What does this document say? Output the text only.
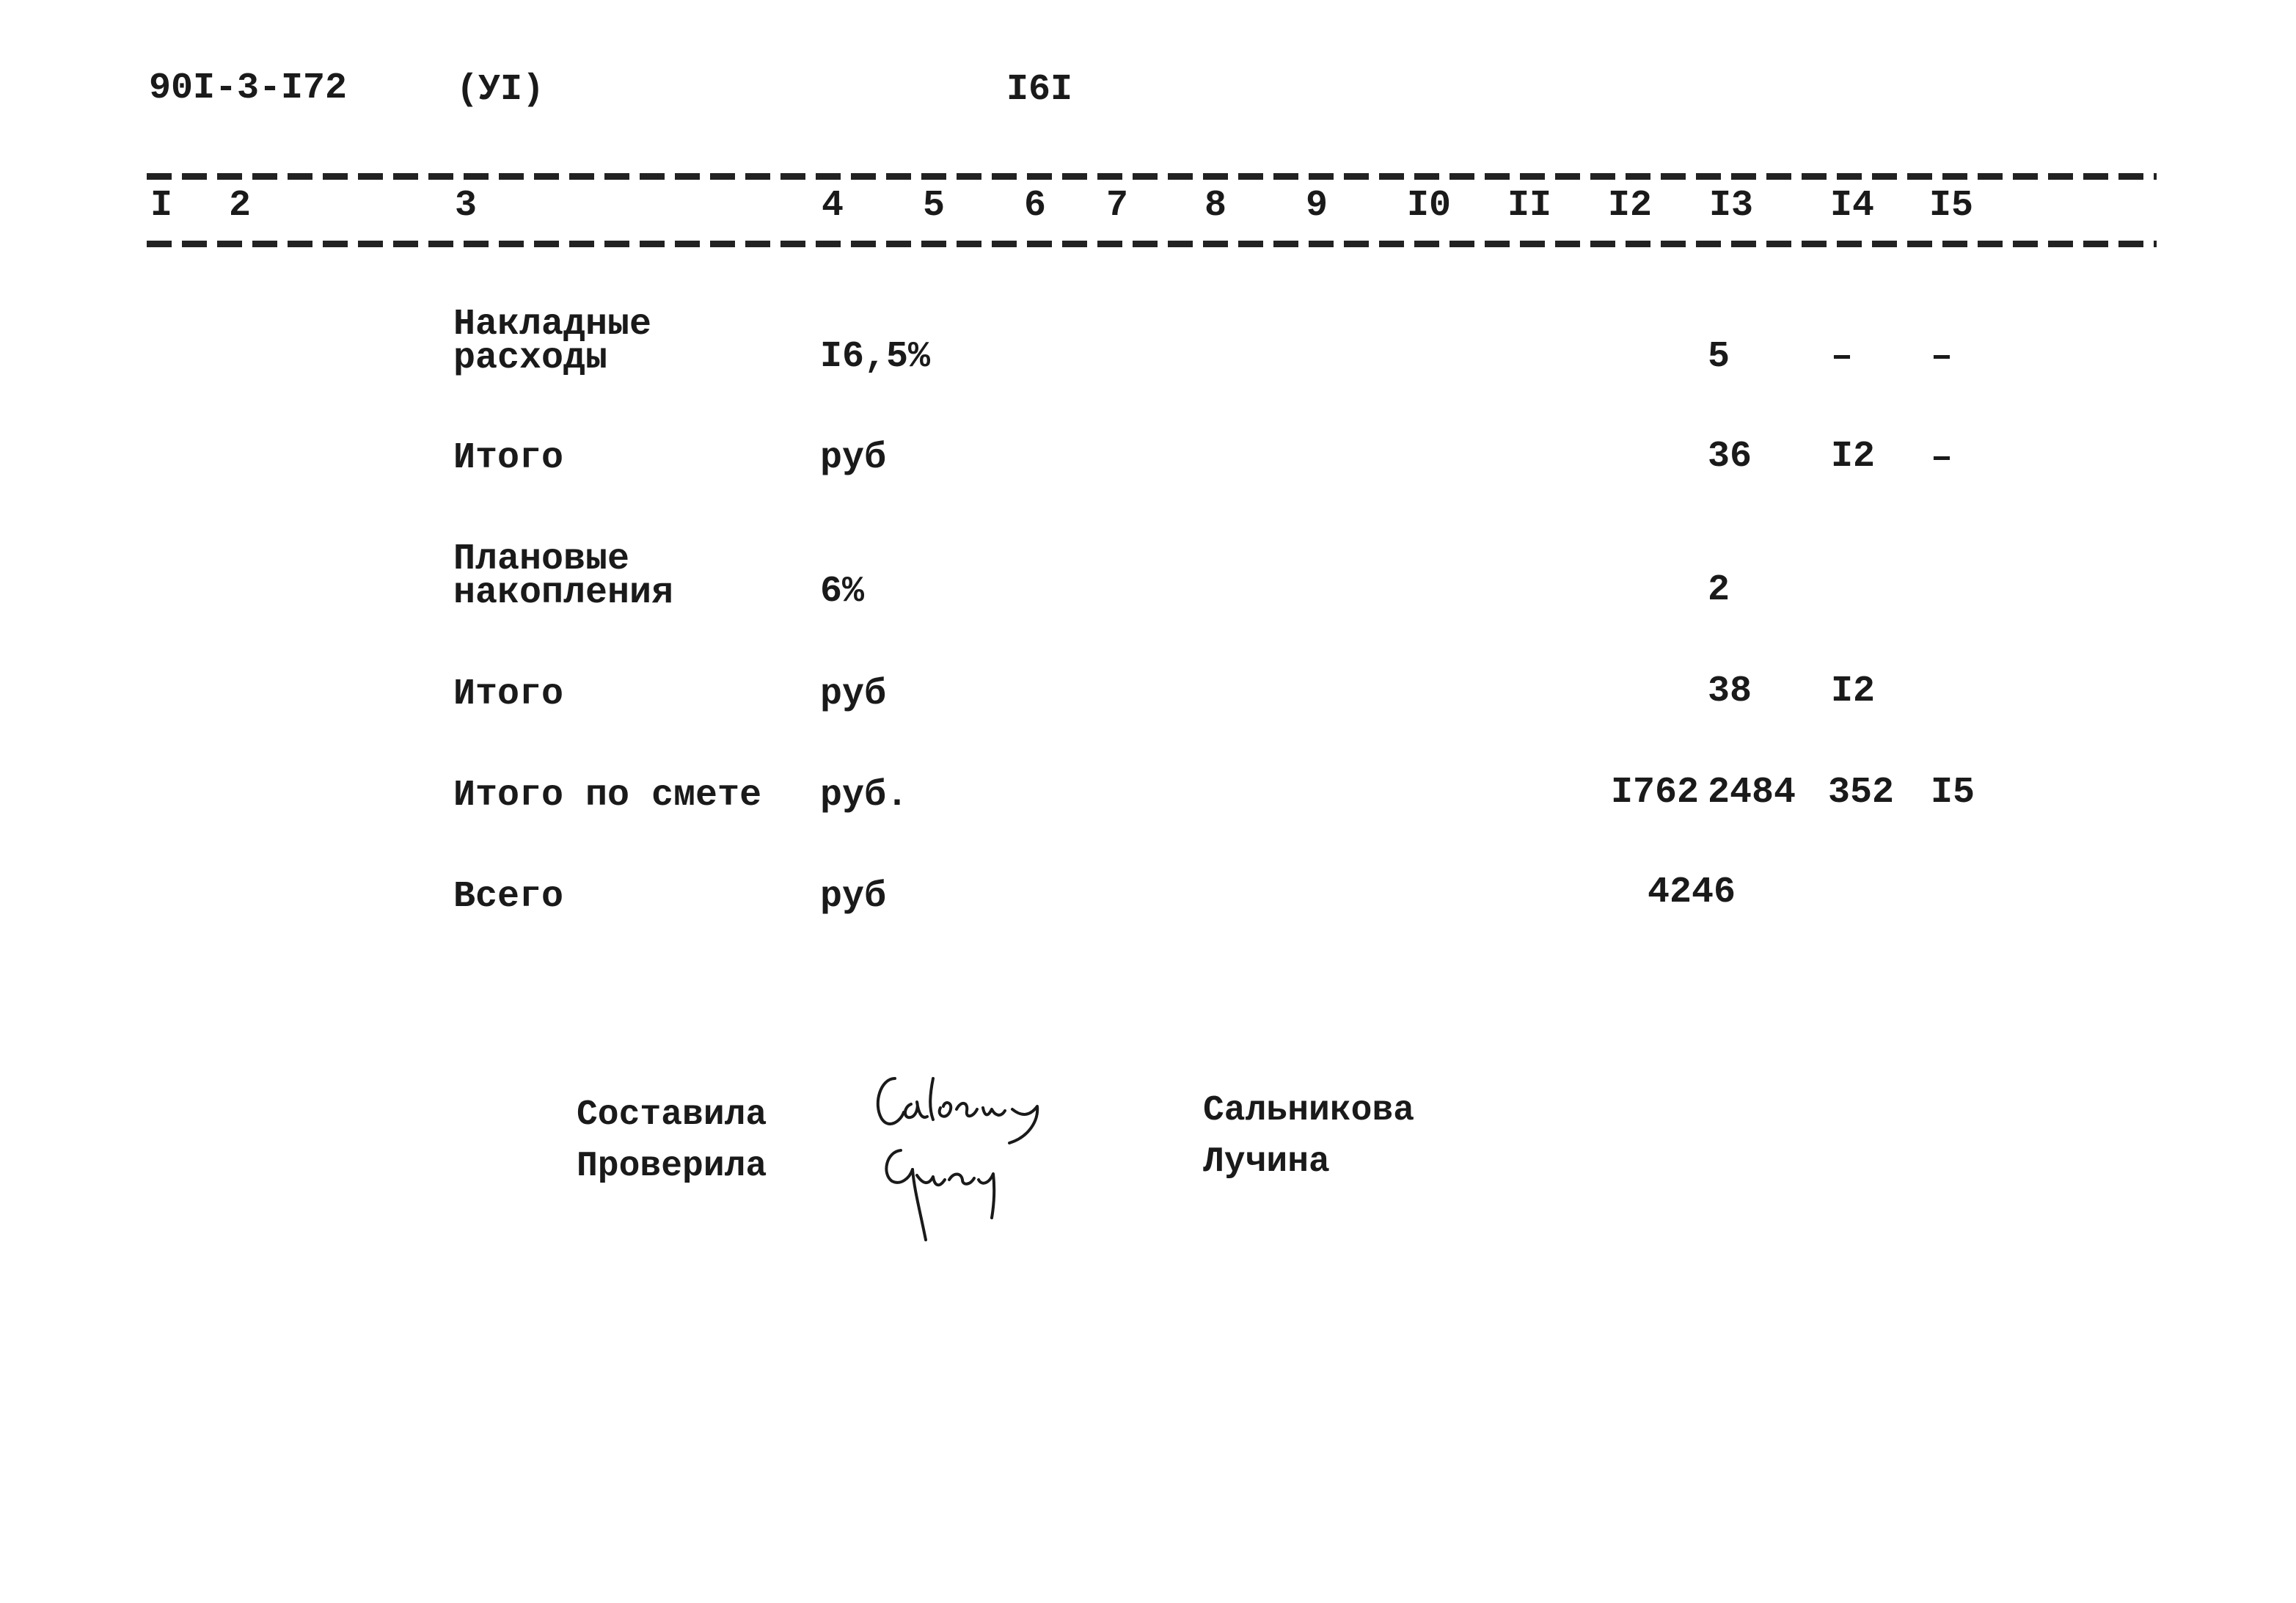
90I-3-I72	(УI)	I6I
I 2	3	4 5 6 7 8 9 I0 II I2 I3 I4 I5
Накладные расходы	I6,5%	5	– –
Итого	руб	36 I2 –
Плановые накопления	6%	2
Итого	руб	38 I2
Итого по смете руб.	I762 2484 352 I5
Всего	руб	4246
Составила
Проверила
Сальникова
Лучина
